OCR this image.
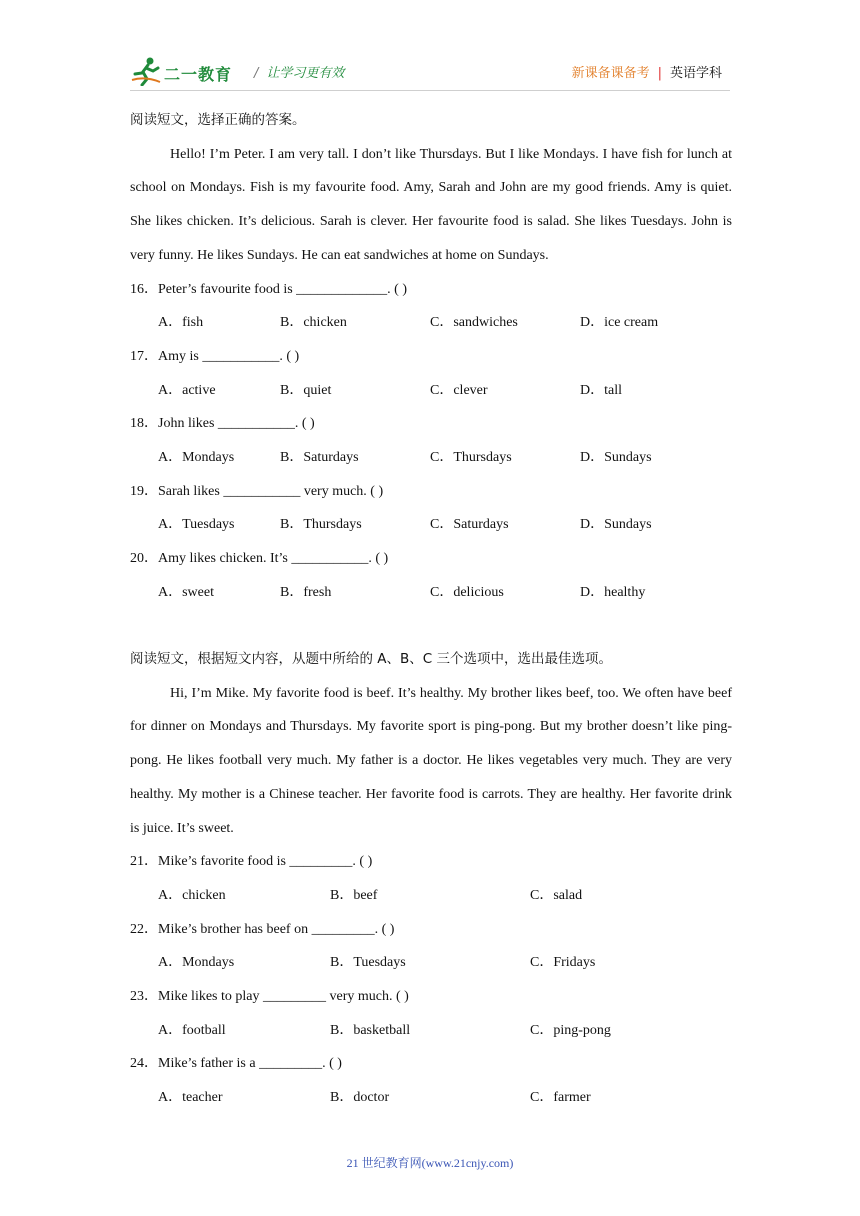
二一教育 / 让学习更有效	新课备课备考 | 英语学科
阅读短文，选择正确的答案。

Hello! I’m Peter. I am very tall. I don’t like Thursdays. But I like Mondays. I have fish for lunch at school on Mondays. Fish is my favourite food. Amy, Sarah and John are my good friends. Amy is quiet. She likes chicken. It’s delicious. Sarah is clever. Her favourite food is salad. She likes Tuesdays. John is very funny. He likes Sundays. He can eat sandwiches at home on Sundays.

16．Peter’s favourite food is _____________. ( )
A．fish	B．chicken	C．sandwiches	D．ice cream
17．Amy is ___________. ( )
A．active	B．quiet	C．clever	D．tall
18．John likes ___________. ( )
A．Mondays	B．Saturdays	C．Thursdays	D．Sundays
19．Sarah likes ___________ very much. ( )
A．Tuesdays	B．Thursdays	C．Saturdays	D．Sundays
20．Amy likes chicken. It’s ___________. ( )
A．sweet	B．fresh	C．delicious	D．healthy
阅读短文，根据短文内容，从题中所给的 A、B、C 三个选项中，选出最佳选项。

Hi, I’m Mike. My favorite food is beef. It’s healthy. My brother likes beef, too. We often have beef for dinner on Mondays and Thursdays. My favorite sport is ping-pong. But my brother doesn’t like ping-pong. He likes football very much. My father is a doctor. He likes vegetables very much. They are very healthy. My mother is a Chinese teacher. Her favorite food is carrots. They are healthy. Her favorite drink is juice. It’s sweet.

21．Mike’s favorite food is _________. ( )
A．chicken	B．beef	C．salad
22．Mike’s brother has beef on _________. ( )
A．Mondays	B．Tuesdays	C．Fridays
23．Mike likes to play _________ very much. ( )
A．football	B．basketball	C．ping-pong
24．Mike’s father is a _________. ( )
A．teacher	B．doctor	C．farmer
21 世纪教育网(www.21cnjy.com)
